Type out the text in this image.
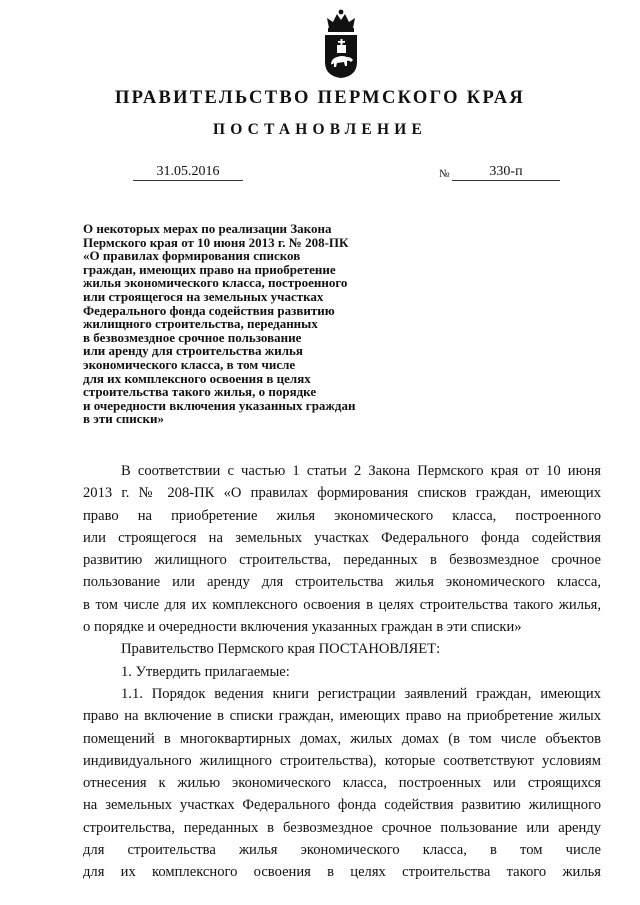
ПРАВИТЕЛЬСТВО ПЕРМСКОГО КРАЯ
ПОСТАНОВЛЕНИЕ
31.05.2016	№	330-п
О некоторых мерах по реализации Закона
Пермского края от 10 июня 2013 г. № 208-ПК
«О правилах формирования списков
граждан, имеющих право на приобретение
жилья экономического класса, построенного
или строящегося на земельных участках
Федерального фонда содействия развитию
жилищного строительства, переданных
в безвозмездное срочное пользование
или аренду для строительства жилья
экономического класса, в том числе
для их комплексного освоения в целях
строительства такого жилья, о порядке
и очередности включения указанных граждан
в эти списки»
В соответствии с частью 1 статьи 2 Закона Пермского края от 10 июня
2013 г. № 208-ПК «О правилах формирования списков граждан, имеющих
право на приобретение жилья экономического класса, построенного
или строящегося на земельных участках Федерального фонда содействия
развитию жилищного строительства, переданных в безвозмездное срочное
пользование или аренду для строительства жилья экономического класса,
в том числе для их комплексного освоения в целях строительства такого жилья,
о порядке и очередности включения указанных граждан в эти списки»
Правительство Пермского края ПОСТАНОВЛЯЕТ:
1. Утвердить прилагаемые:
1.1. Порядок ведения книги регистрации заявлений граждан, имеющих
право на включение в списки граждан, имеющих право на приобретение жилых
помещений в многоквартирных домах, жилых домах (в том числе объектов
индивидуального жилищного строительства), которые соответствуют условиям
отнесения к жилью экономического класса, построенных или строящихся
на земельных участках Федерального фонда содействия развитию жилищного
строительства, переданных в безвозмездное срочное пользование или аренду
для строительства жилья экономического класса, в том числе
для их комплексного освоения в целях строительства такого жилья
